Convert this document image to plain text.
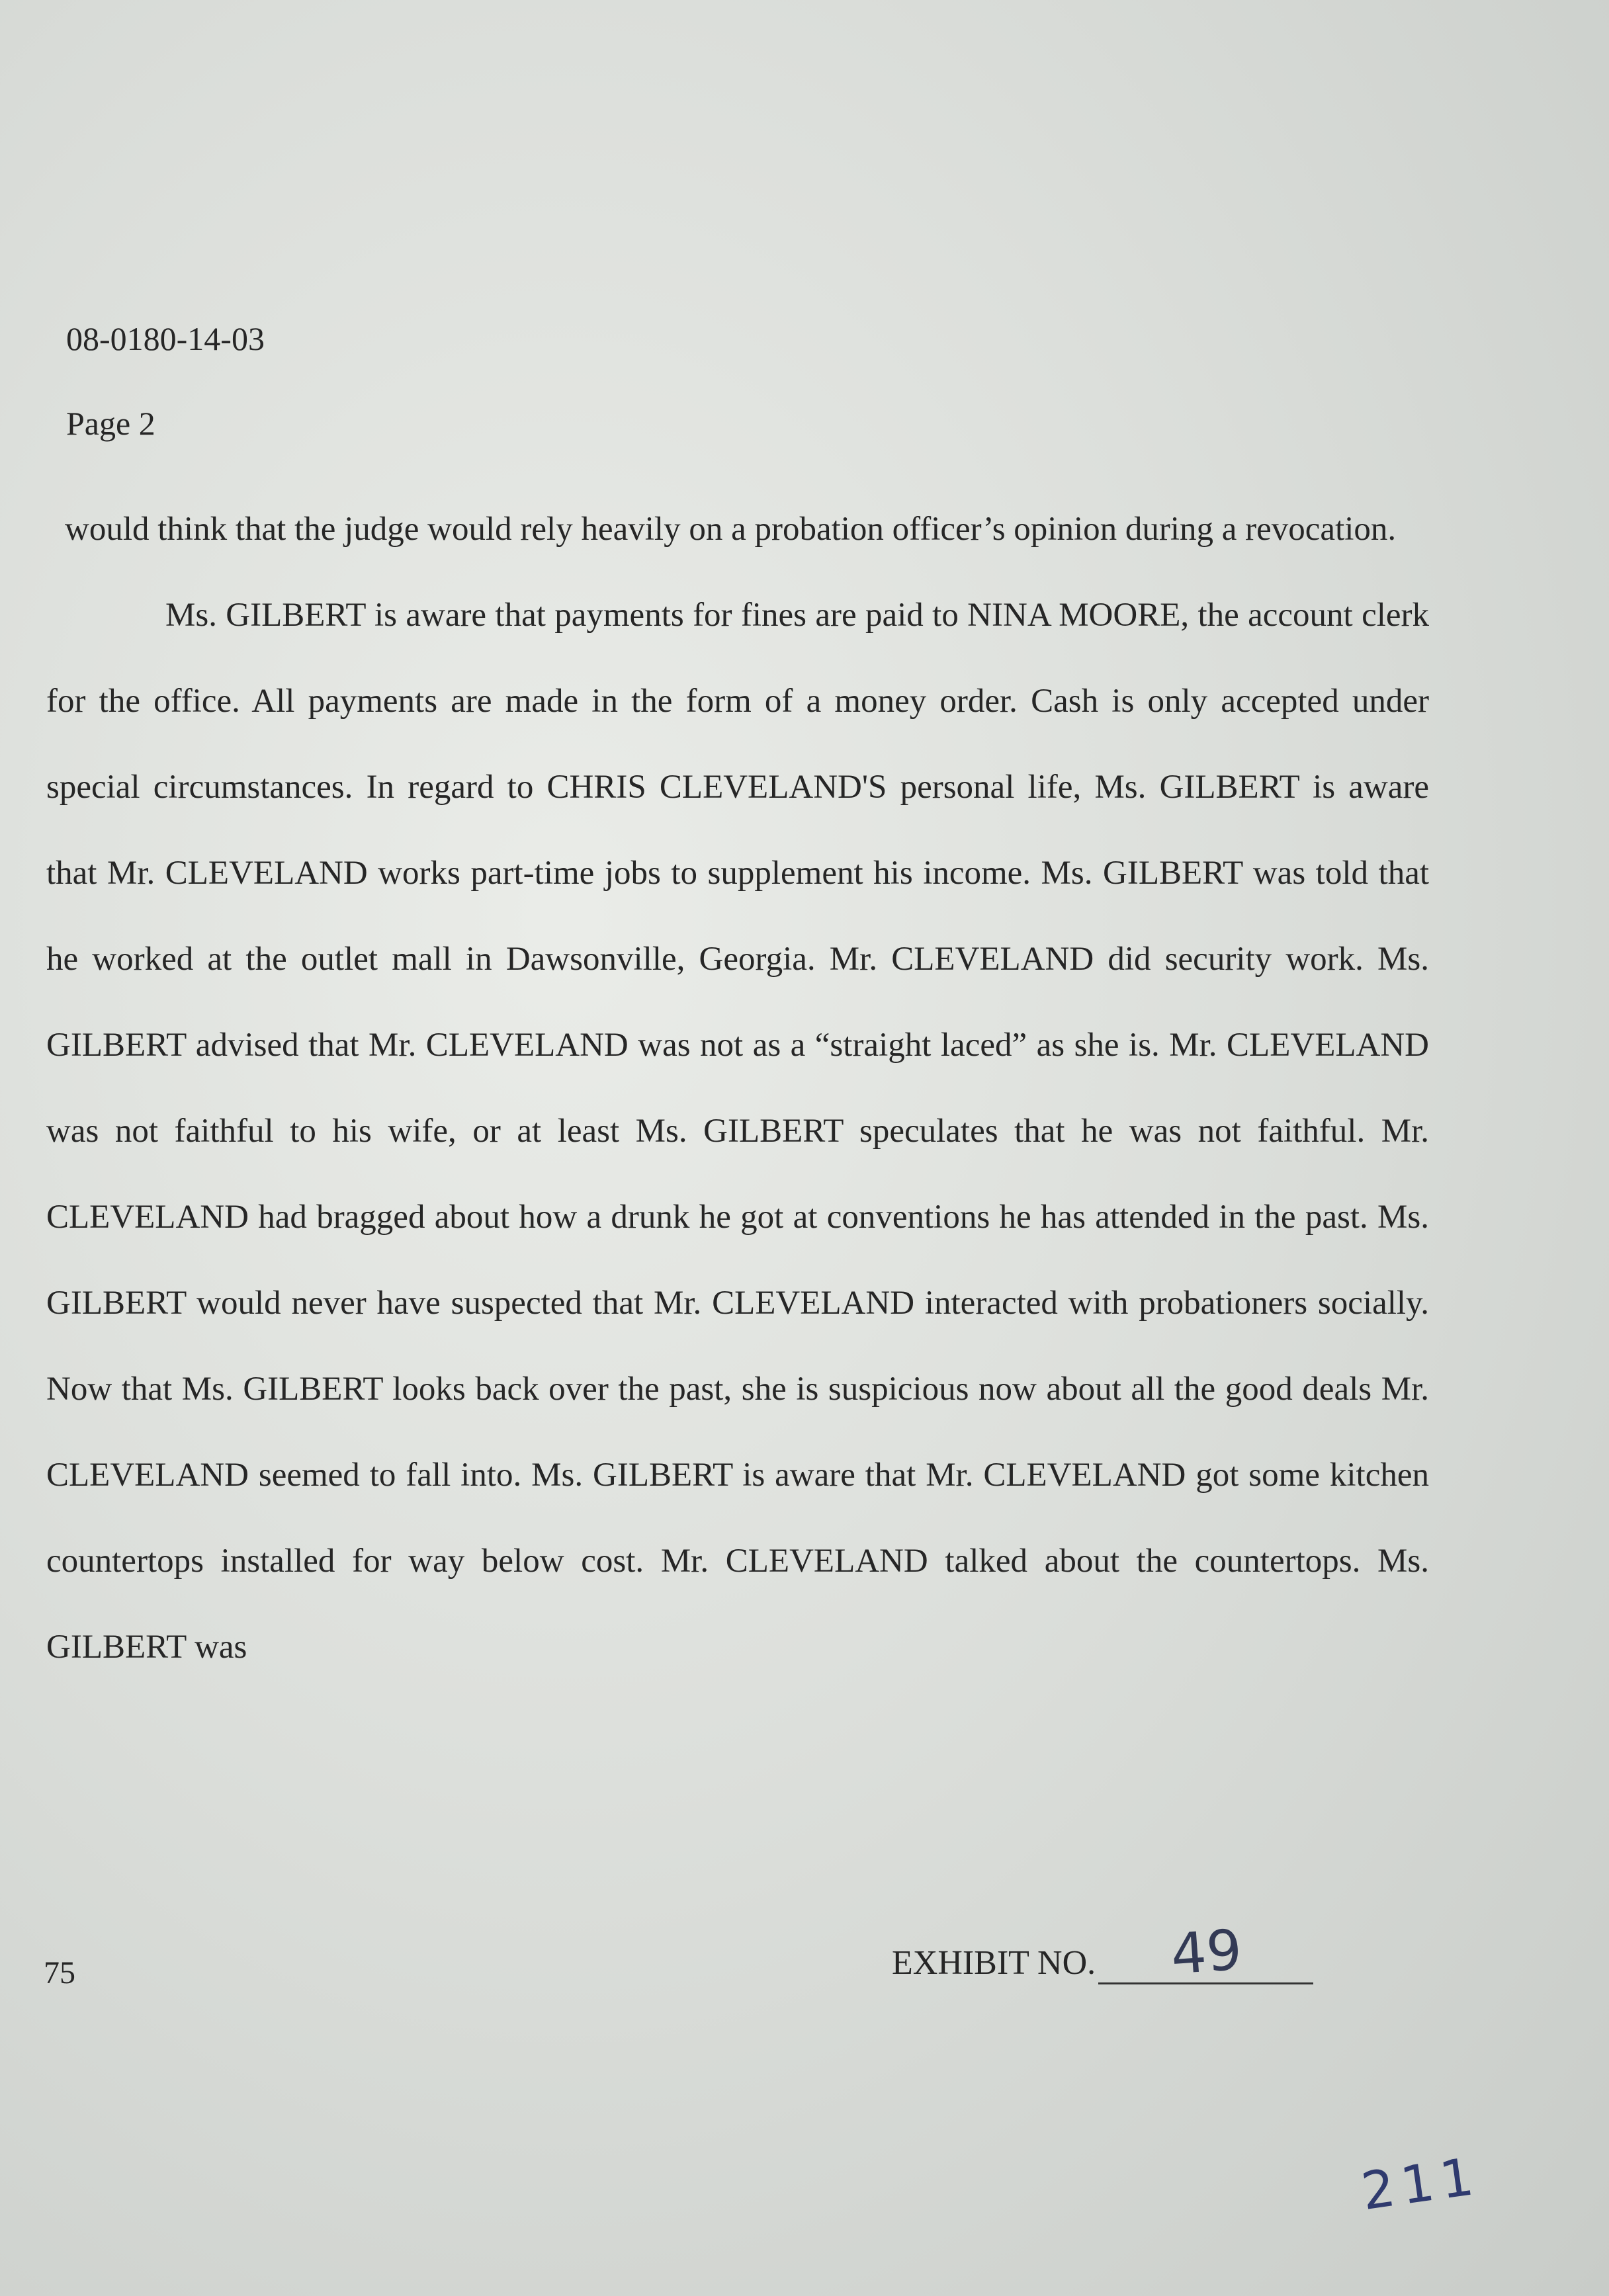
08-0180-14-03
Page 2

would think that the judge would rely heavily on a probation officer’s opinion during a revocation.

Ms. GILBERT is aware that payments for fines are paid to NINA MOORE, the account clerk for the office. All payments are made in the form of a money order. Cash is only accepted under special circumstances. In regard to CHRIS CLEVELAND'S personal life, Ms. GILBERT is aware that Mr. CLEVELAND works part-time jobs to supplement his income. Ms. GILBERT was told that he worked at the outlet mall in Dawsonville, Georgia. Mr. CLEVELAND did security work. Ms. GILBERT advised that Mr. CLEVELAND was not as a “straight laced” as she is. Mr. CLEVELAND was not faithful to his wife, or at least Ms. GILBERT speculates that he was not faithful. Mr. CLEVELAND had bragged about how a drunk he got at conventions he has attended in the past. Ms. GILBERT would never have suspected that Mr. CLEVELAND interacted with probationers socially. Now that Ms. GILBERT looks back over the past, she is suspicious now about all the good deals Mr. CLEVELAND seemed to fall into. Ms. GILBERT is aware that Mr. CLEVELAND got some kitchen countertops installed for way below cost. Mr. CLEVELAND talked about the countertops. Ms. GILBERT was

75	EXHIBIT NO. 49
211
